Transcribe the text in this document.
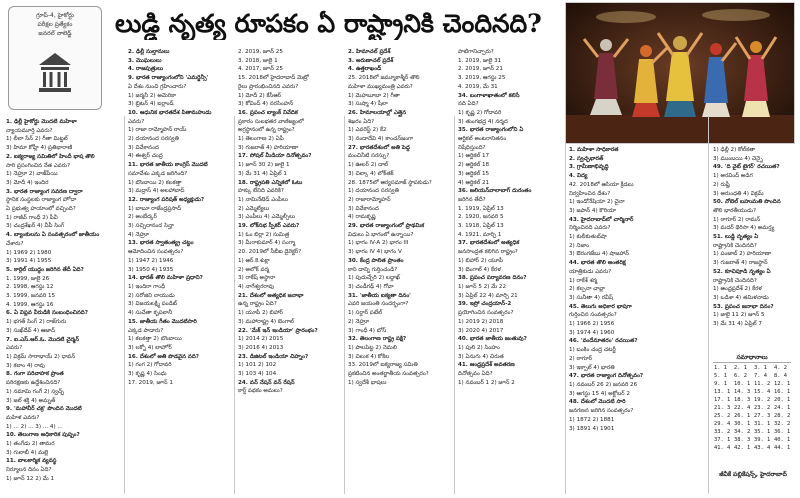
గ్రూప్-4, హైకోర్టు
పరీక్షల ప్రత్యేకం
జనరల్ నాలెడ్జ్	లుడ్డి నృత్య రూపకం ఏ రాష్ట్రానికి చెందినది?

1. ఢిల్లీ హైకోర్టు మొదటి మహిళా

న్యాయమూర్తి ఎవరు?

1) లీలా సేన్ 2) గీతా మిట్టల్

3) హిమా కోహ్లీ 4) ప్రతిభారాణి

2. ఐక్యరాజ్య సమితిలో హిందీ భాష తొలి

సారి ప్రసంగించిన నేత ఎవరు?

1) నెహ్రూ 2) వాజ్‌పేయి

3) మోదీ 4) ఇందిర

3. భారత రాజ్యాంగ సవరణ ద్వారా

స్థానిక సంస్థలకు రాజ్యాంగ హోదా

ఏ ప్రభుత్వ హయాంలో వచ్చింది?

1) రాజీవ్ గాంధీ 2) పీవీ

3) చంద్రశేఖర్ 4) వీపీ సింగ్

4. బ్యాంకులను ఏ సంవత్సరంలో జాతీయం

చేశారు?

1) 1969 2) 1980

3) 1991 4) 1955

5. కార్గిల్ యుద్ధం జరిగిన తేదీ ఏది?

1. 1999, జులై 26

2. 1998, ఆగస్టు 12

3. 1999, జనవరి 15

4. 1999, ఆగస్టు 16

6. ఏ విప్లవ వీరుడికి సంబంధించినది?

1) భగత్ సింగ్ 2) రాజ్‌గురు

3) సుఖ్‌దేవ్ 4) ఆజాద్

7. ఐ.ఎస్.ఆర్.ఓ. మొదటి చైర్మన్

ఎవరు?

1) విక్రమ్ సారాభాయ్ 2) ధావన్

3) కలాం 4) రావు

8. గంగా పరివాహక ప్రాంత

పరిరక్షణకు ఉద్దేశించినది?

1) నమామి గంగే 2) స్వచ్ఛ్

3) జల్ శక్తి 4) అమృత్

9. 'మహావీర్ చక్ర' పొందిన మొదటి

మహిళ ఎవరు?

1) ... 2) ... 3) ... 4) ...

10. తెలంగాణ అధికారిక పుష్పం?

1) తంగేడు 2) తామర

3) గులాబీ 4) మల్లె

11. బాలకార్మిక వ్యవస్థ

నిర్మూలన దినం ఏది?

1) జూన్ 12 2) మే 1

2. ఢిల్లీ సుల్తానులు

3. మొఘలులు

4. రాజపుత్రులు

9. భారత రాజ్యాంగంలోని 'ఎమర్జెన్సీ'

ఏ దేశం నుంచి గ్రహించారు?

1) జర్మనీ 2) అమెరికా

3) బ్రిటన్ 4) ఐర్లాండ్

10. ఆధునిక భారతదేశ పితామహుడు

ఎవరు?

1) రాజా రామ్మోహన్ రాయ్

2) దయానంద సరస్వతి

3) వివేకానంద

4) ఈశ్వర్ చంద్ర

11. భారత జాతీయ కాంగ్రెస్ మొదటి

సమావేశం ఎక్కడ జరిగింది?

1) బొంబాయి 2) కలకత్తా

3) మద్రాస్ 4) అలహాబాద్

12. రాజ్యాంగ పరిషత్ అధ్యక్షుడు?

1) బాబూ రాజేంద్రప్రసాద్

2) అంబేద్కర్

3) సచ్చిదానంద సిన్హా

4) నెహ్రూ

13. భారత స్వాతంత్య్ర చట్టం

ఆమోదించిన సంవత్సరం?

1) 1947 2) 1946

3) 1950 4) 1935

14. భారత్ తొలి మహిళా ప్రధాని?

1) ఇందిరా గాంధీ

2) సరోజిని నాయుడు

3) విజయలక్ష్మి పండిట్

4) సుచేతా కృపలానీ

15. జాతీయ గీతం మొదటిసారి

ఎక్కడ పాడారు?

1) కలకత్తా 2) బొంబాయి

3) లక్నో 4) లాహోర్

16. దేశంలో అతి పొడవైన నది?

1) గంగ 2) గోదావరి

3) కృష్ణ 4) సింధు

17. 2019, జూన్ 1

2. 2019, జూన్ 25

3. 2018, జులై 1

4. 2017, జూన్ 25

15. 2018లో హైదరాబాద్ మెట్రో

రైలు ప్రారంభించినది ఎవరు?

1) మోదీ 2) కేసీఆర్

3) కోవింద్ 4) నరసింహన్

16. ప్రపంచ బ్యాంక్ నివేదిక

ప్రకారం సులభతర వాణిజ్యంలో

అగ్రస్థానంలో ఉన్న రాష్ట్రం?

1) తెలంగాణ 2) ఏపీ

3) గుజరాత్ 4) హరియాణా

17. సోషల్ మీడియా దినోత్సవం?

1) జూన్ 30 2) జులై 1

3) మే 31 4) ఏప్రిల్ 1

18. రాష్ట్రపతి ఎన్నికలో ఓటు

హక్కు లేనిది ఎవరికి?

1) నామినేటెడ్ ఎంపీలు

2) ఎమ్మెల్యేలు

3) ఎంపీలు 4) ఎమ్మెల్సీలు

19. లోక్‌సభ స్పీకర్ ఎవరు?

1) ఓం బిర్లా 2) సుమిత్ర

3) మీరాకుమార్ 4) సంగ్మా

20. 2019లో సీబీఐ డైరెక్టర్?

1) ఆర్.కె.శుక్లా

2) అలోక్ వర్మ

3) రాకేష్ అస్థానా

4) నాగేశ్వరరావు

21. దేశంలో అత్యధిక జనాభా

ఉన్న రాష్ట్రం ఏది?

1) యూపీ 2) బిహార్

3) మహారాష్ట్ర 4) బెంగాల్

22. 'మేక్ ఇన్ ఇండియా' ప్రారంభం?

1) 2014 2) 2015

3) 2016 4) 2013

23. డిజిటల్ ఇండియా చిహ్నం?

1) 101 2) 102

3) 103 4) 104

24. వన్ నేషన్ వన్ రేషన్

కార్డ్ పథకం అమలు?

2. హిమాచల్ ప్రదేశ్

3. అరుణాచల్ ప్రదేశ్

4. ఉత్తరాఖండ్

25. 2018లో జమ్మూకాశ్మీర్ తొలి

మహిళా ముఖ్యమంత్రి ఎవరు?

1) మెహబూబా 2) గీతా

3) సుష్మా 4) షీలా

26. హిమాలయాల్లో ఎత్తైన

శిఖరం ఏది?

1) ఎవరెస్ట్ 2) కే2

3) నందాదేవి 4) కాంచన్‌జంగా

27. భారతదేశంలో అతి పెద్ద

మంచినీటి సరస్సు?

1) ఊలర్ 2) దాల్

3) చిల్కా 4) లోక్‌తక్

28. 1875లో ఆర్యసమాజ్ స్థాపకుడు?

1) దయానంద సరస్వతి

2) రాజారామ్మోహన్

3) వివేకానంద

4) రామకృష్ణ

29. భారత రాజ్యాంగంలో ప్రాథమిక

విధులు ఏ భాగంలో ఉన్నాయి?

1) భాగం IV-A 2) భాగం III

3) భాగం IV 4) భాగం V

30. కేంద్ర పాలిత ప్రాంతం

కాని దాన్ని గుర్తించండి?

1) పుదుచ్చేరి 2) లద్దాఖ్

3) చండీగఢ్ 4) గోవా

31. 'జాతీయ ఐక్యతా దినం'

ఎవరి జయంతి సందర్భంగా?

1) సర్దార్ పటేల్

2) నెహ్రూ

3) గాంధీ 4) బోస్

32. తెలంగాణ రాష్ట్ర పక్షి?

1) పాలపిట్ట 2) నెమలి

3) చిలుక 4) కోకిల

33. 2019లో ఐక్యరాజ్య సమితి

ప్రకటించిన అంతర్జాతీయ సంవత్సరం?

1) స్వదేశీ భాషలు

పాటిగానిచ్చారు?

1. 2019, జులై 31

2. 2019, జూన్ 21

3. 2019, ఆగస్టు 25

4. 2019, మే 31

34. బంగాళాఖాతంలో కలిసే

నది ఏది?

1) కృష్ణ 2) గోదావరి

3) తుంగభద్ర 4) నర్మద

35. భారత రాజ్యాంగంలోని ఏ

ఆర్టికల్ అంటరానితనం

నిషేధిస్తుంది?

1) ఆర్టికల్ 17

2) ఆర్టికల్ 18

3) ఆర్టికల్ 15

4) ఆర్టికల్ 21

36. జలియన్‌వాలాబాగ్ దురంతం

జరిగిన తేదీ?

1. 1919, ఏప్రిల్ 13

2. 1920, జనవరి 5

3. 1918, ఏప్రిల్ 13

4. 1921, మార్చి 1

37. భారతదేశంలో అత్యధిక

జనసాంద్రత కలిగిన రాష్ట్రం?

1) బిహార్ 2) యూపీ

3) బెంగాల్ 4) కేరళ

38. ప్రపంచ పర్యావరణ దినం?

1) జూన్ 5 2) మే 22

3) ఏప్రిల్ 22 4) మార్చి 21

39. ఇస్రో చంద్రయాన్-2

ప్రయోగించిన సంవత్సరం?

1) 2019 2) 2018

3) 2020 4) 2017

40. భారత జాతీయ జంతువు?

1) పులి 2) సింహం

3) ఏనుగు 4) చిరుత

41. ఆంధ్రప్రదేశ్ అవతరణ

దినోత్సవం ఏది?

1) నవంబర్ 1 2) జూన్ 2

1. మహిళా సాధికారత

2. స్వచ్ఛభారత్

3. గ్రామీణాభివృద్ధి

4. విద్య

42. 2018లో ఆసియా క్రీడలు

నిర్వహించిన దేశం?

1) ఇండోనేషియా 2) చైనా

3) జపాన్ 4) కొరియా

43. హైదరాబాద్‌లో చార్మినార్

నిర్మించినది ఎవరు?

1) కులీకుతుబ్‌షా

2) నిజాం

3) ఔరంగజేబు 4) షాజహాన్

44. భారత తొలి అంతరిక్ష

యాత్రికుడు ఎవరు?

1) రాకేశ్ శర్మ

2) కల్పనా చావ్లా

3) సునీతా 4) రవీష్

45. తెలుగు అధికార భాషగా

గుర్తించిన సంవత్సరం?

1) 1966 2) 1956

3) 1974 4) 1960

46. 'వందేమాతరం' రచయిత?

1) బంకిం చంద్ర చటర్జీ

2) ఠాగూర్

3) ఇక్బాల్ 4) భారతి

47. భారత రాజ్యాంగ దినోత్సవం?

1) నవంబర్ 26 2) జనవరి 26

3) ఆగస్టు 15 4) అక్టోబర్ 2

48. దేశంలో మొదటి సారి

జనగణన జరిగిన సంవత్సరం?

1) 1872 2) 1881

3) 1891 4) 1901

1) ఢిల్లీ 2) కోల్‌కతా

3) ముంబయి 4) చెన్నై

49. 'ది వైట్ టైగర్' రచయిత?

1) అరవింద్ అడిగ

2) రుష్దీ

3) అరుంధతి 4) విక్రమ్

50. నోబెల్ బహుమతి పొందిన

తొలి భారతీయుడు?

1) ఠాగూర్ 2) రామన్

3) మదర్ థెరిసా 4) అమర్త్య

51. లుడ్డి నృత్యం ఏ

రాష్ట్రానికి చెందినది?

1) పంజాబ్ 2) హరియాణా

3) గుజరాత్ 4) రాజస్థాన్

52. కూచిపూడి నృత్యం ఏ

రాష్ట్రానికి చెందినది?

1) ఆంధ్రప్రదేశ్ 2) కేరళ

3) ఒడిశా 4) తమిళనాడు

53. ప్రపంచ జనాభా దినం?

1) జులై 11 2) జూన్ 5

3) మే 31 4) ఏప్రిల్ 7

సమాధానాలు
1. 1	2. 1	3. 1	4. 2
5. 1	6. 2	7. 4	8. 4
9. 1	10. 1	11. 2	12. 1
13. 1	14. 3	15. 4	16. 1
17. 1	18. 3	19. 2	20. 1
21. 3	22. 4	23. 2	24. 1
25. 2	26. 1	27. 3	28. 2
29. 4	30. 1	31. 1	32. 2
33. 2	34. 2	35. 1	36. 1
37. 1	38. 3	39. 1	40. 1
41. 4	42. 1	43. 4	44. 1
జీవీకే పబ్లికేషన్స్, హైదరాబాద్
